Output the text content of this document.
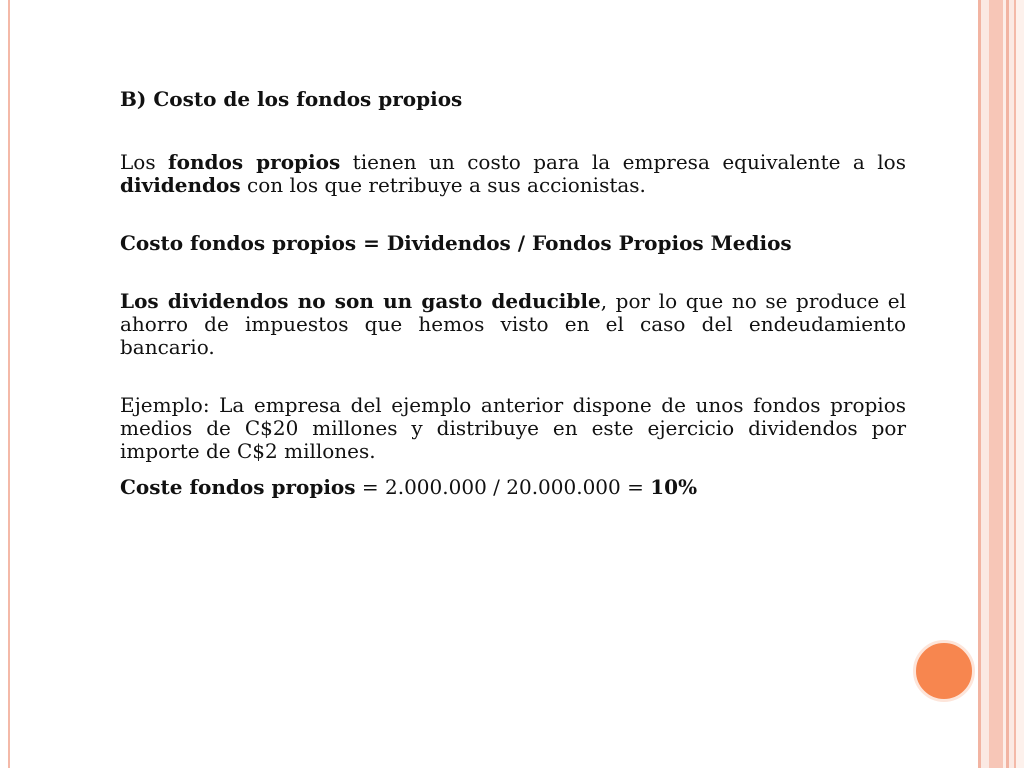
B) Costo de los fondos propios

Los fondos propios tienen un costo para la empresa equivalente a los dividendos con los que retribuye a sus accionistas.

Costo fondos propios = Dividendos / Fondos Propios Medios

Los dividendos no son un gasto deducible, por lo que no se produce el ahorro de impuestos que hemos visto en el caso del endeudamiento bancario.

Ejemplo: La empresa del ejemplo anterior dispone de unos fondos propios medios de C$20 millones y distribuye en este ejercicio dividendos por importe de C$2 millones.

Coste fondos propios = 2.000.000 / 20.000.000 = 10%
